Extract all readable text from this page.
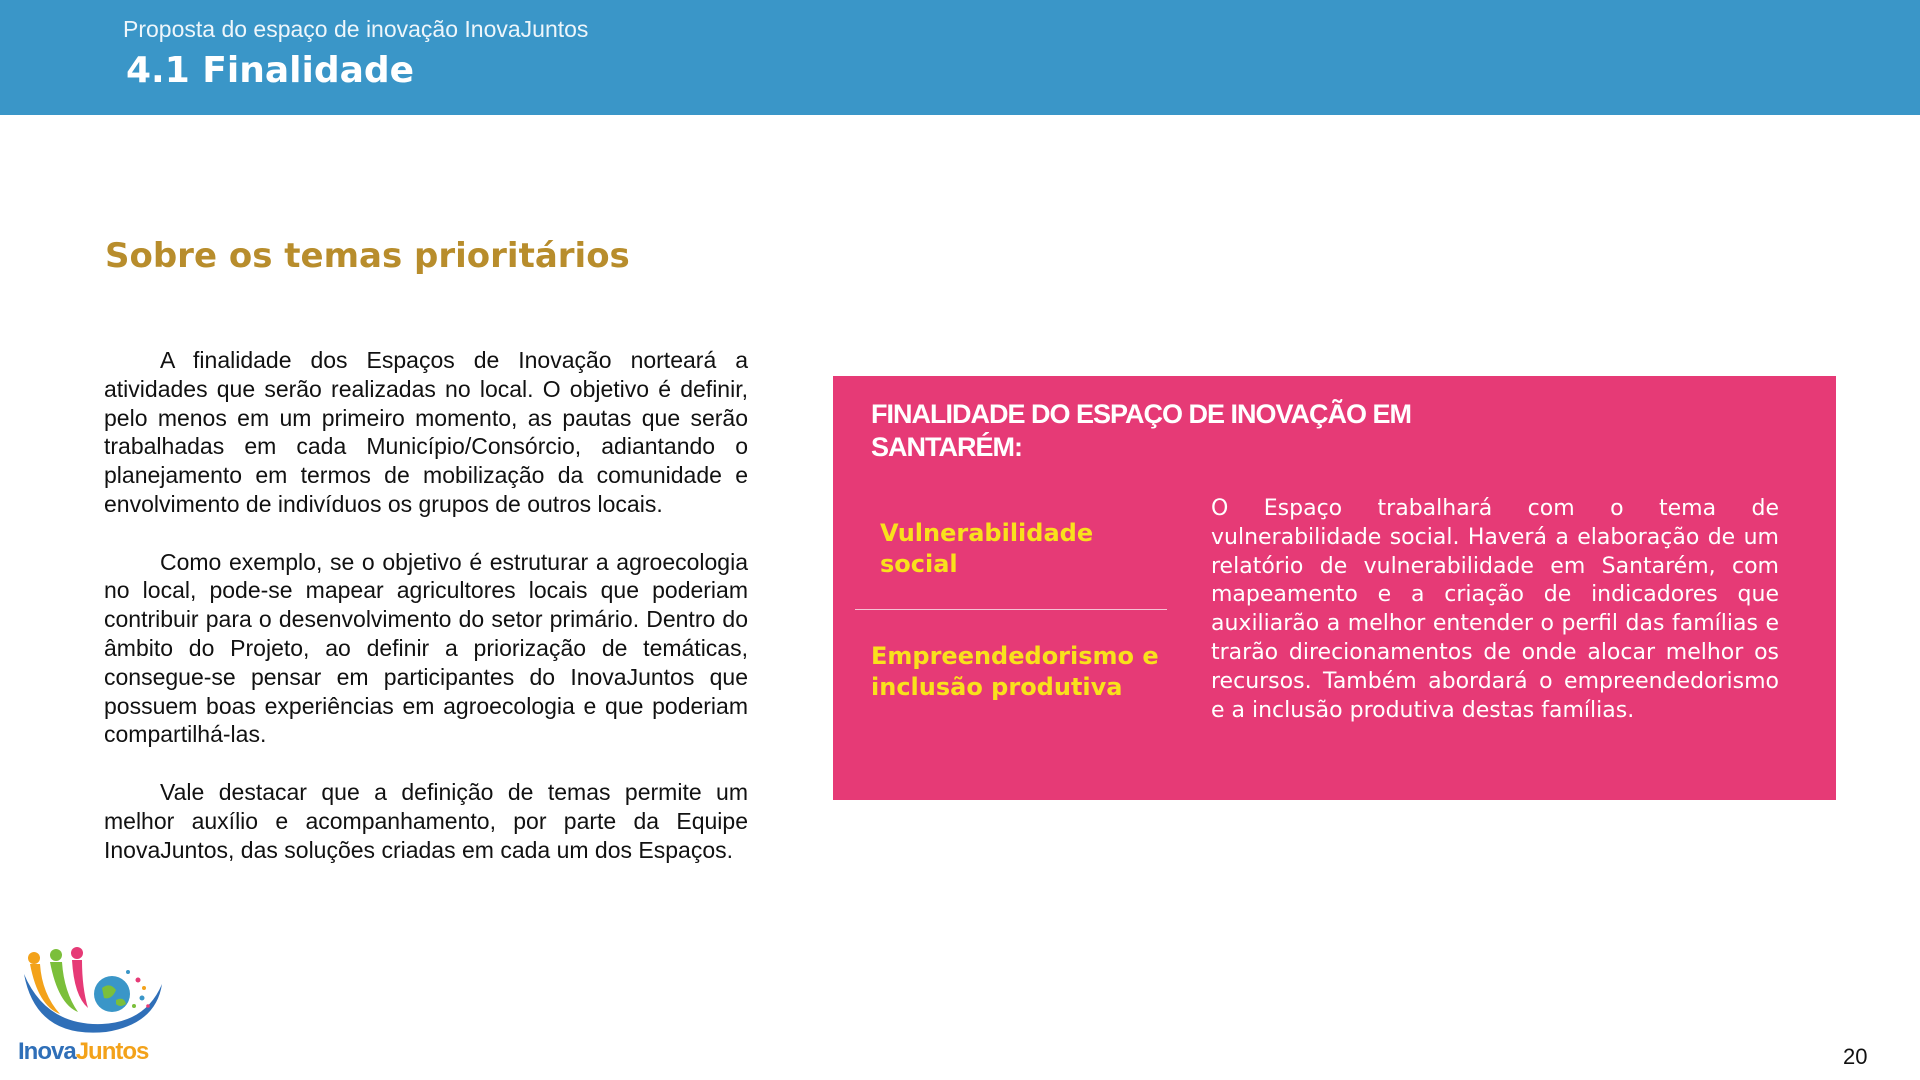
Proposta do espaço de inovação InovaJuntos
4.1 Finalidade
Sobre os temas prioritários

A finalidade dos Espaços de Inovação norteará a atividades que serão realizadas no local. O objetivo é definir, pelo menos em um primeiro momento, as pautas que serão trabalhadas em cada Município/Consórcio, adiantando o planejamento em termos de mobilização da comunidade e envolvimento de indivíduos os grupos de outros locais.

Como exemplo, se o objetivo é estruturar a agroecologia no local, pode-se mapear agricultores locais que poderiam contribuir para o desenvolvimento do setor primário. Dentro do âmbito do Projeto, ao definir a priorização de temáticas, consegue-se pensar em participantes do InovaJuntos que possuem boas experiências em agroecologia e que poderiam compartilhá-las.

Vale destacar que a definição de temas permite um melhor auxílio e acompanhamento, por parte da Equipe InovaJuntos, das soluções criadas em cada um dos Espaços.

FINALIDADE DO ESPAÇO DE INOVAÇÃO EM SANTARÉM:
Vulnerabilidade social
Empreendedorismo e inclusão produtiva
O Espaço trabalhará com o tema de vulnerabilidade social. Haverá a elaboração de um relatório de vulnerabilidade em Santarém, com mapeamento e a criação de indicadores que auxiliarão a melhor entender o perfil das famílias e trarão direcionamentos de onde alocar melhor os recursos. Também abordará o empreendedorismo e a inclusão produtiva destas famílias.
InovaJuntos	20
